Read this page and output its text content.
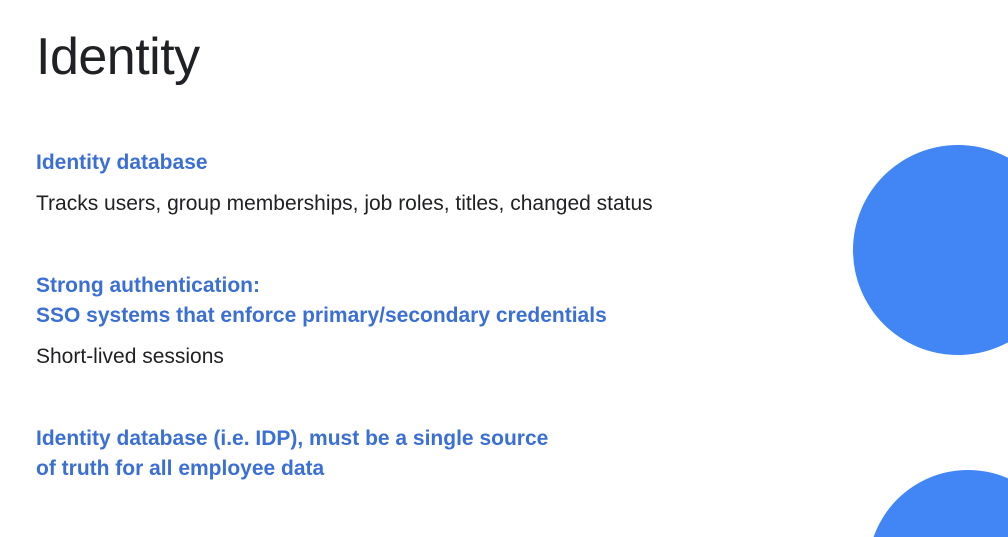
Identity

Identity database

Tracks users, group memberships, job roles, titles, changed status

Strong authentication:
SSO systems that enforce primary/secondary credentials

Short-lived sessions

Identity database (i.e. IDP), must be a single source
of truth for all employee data
